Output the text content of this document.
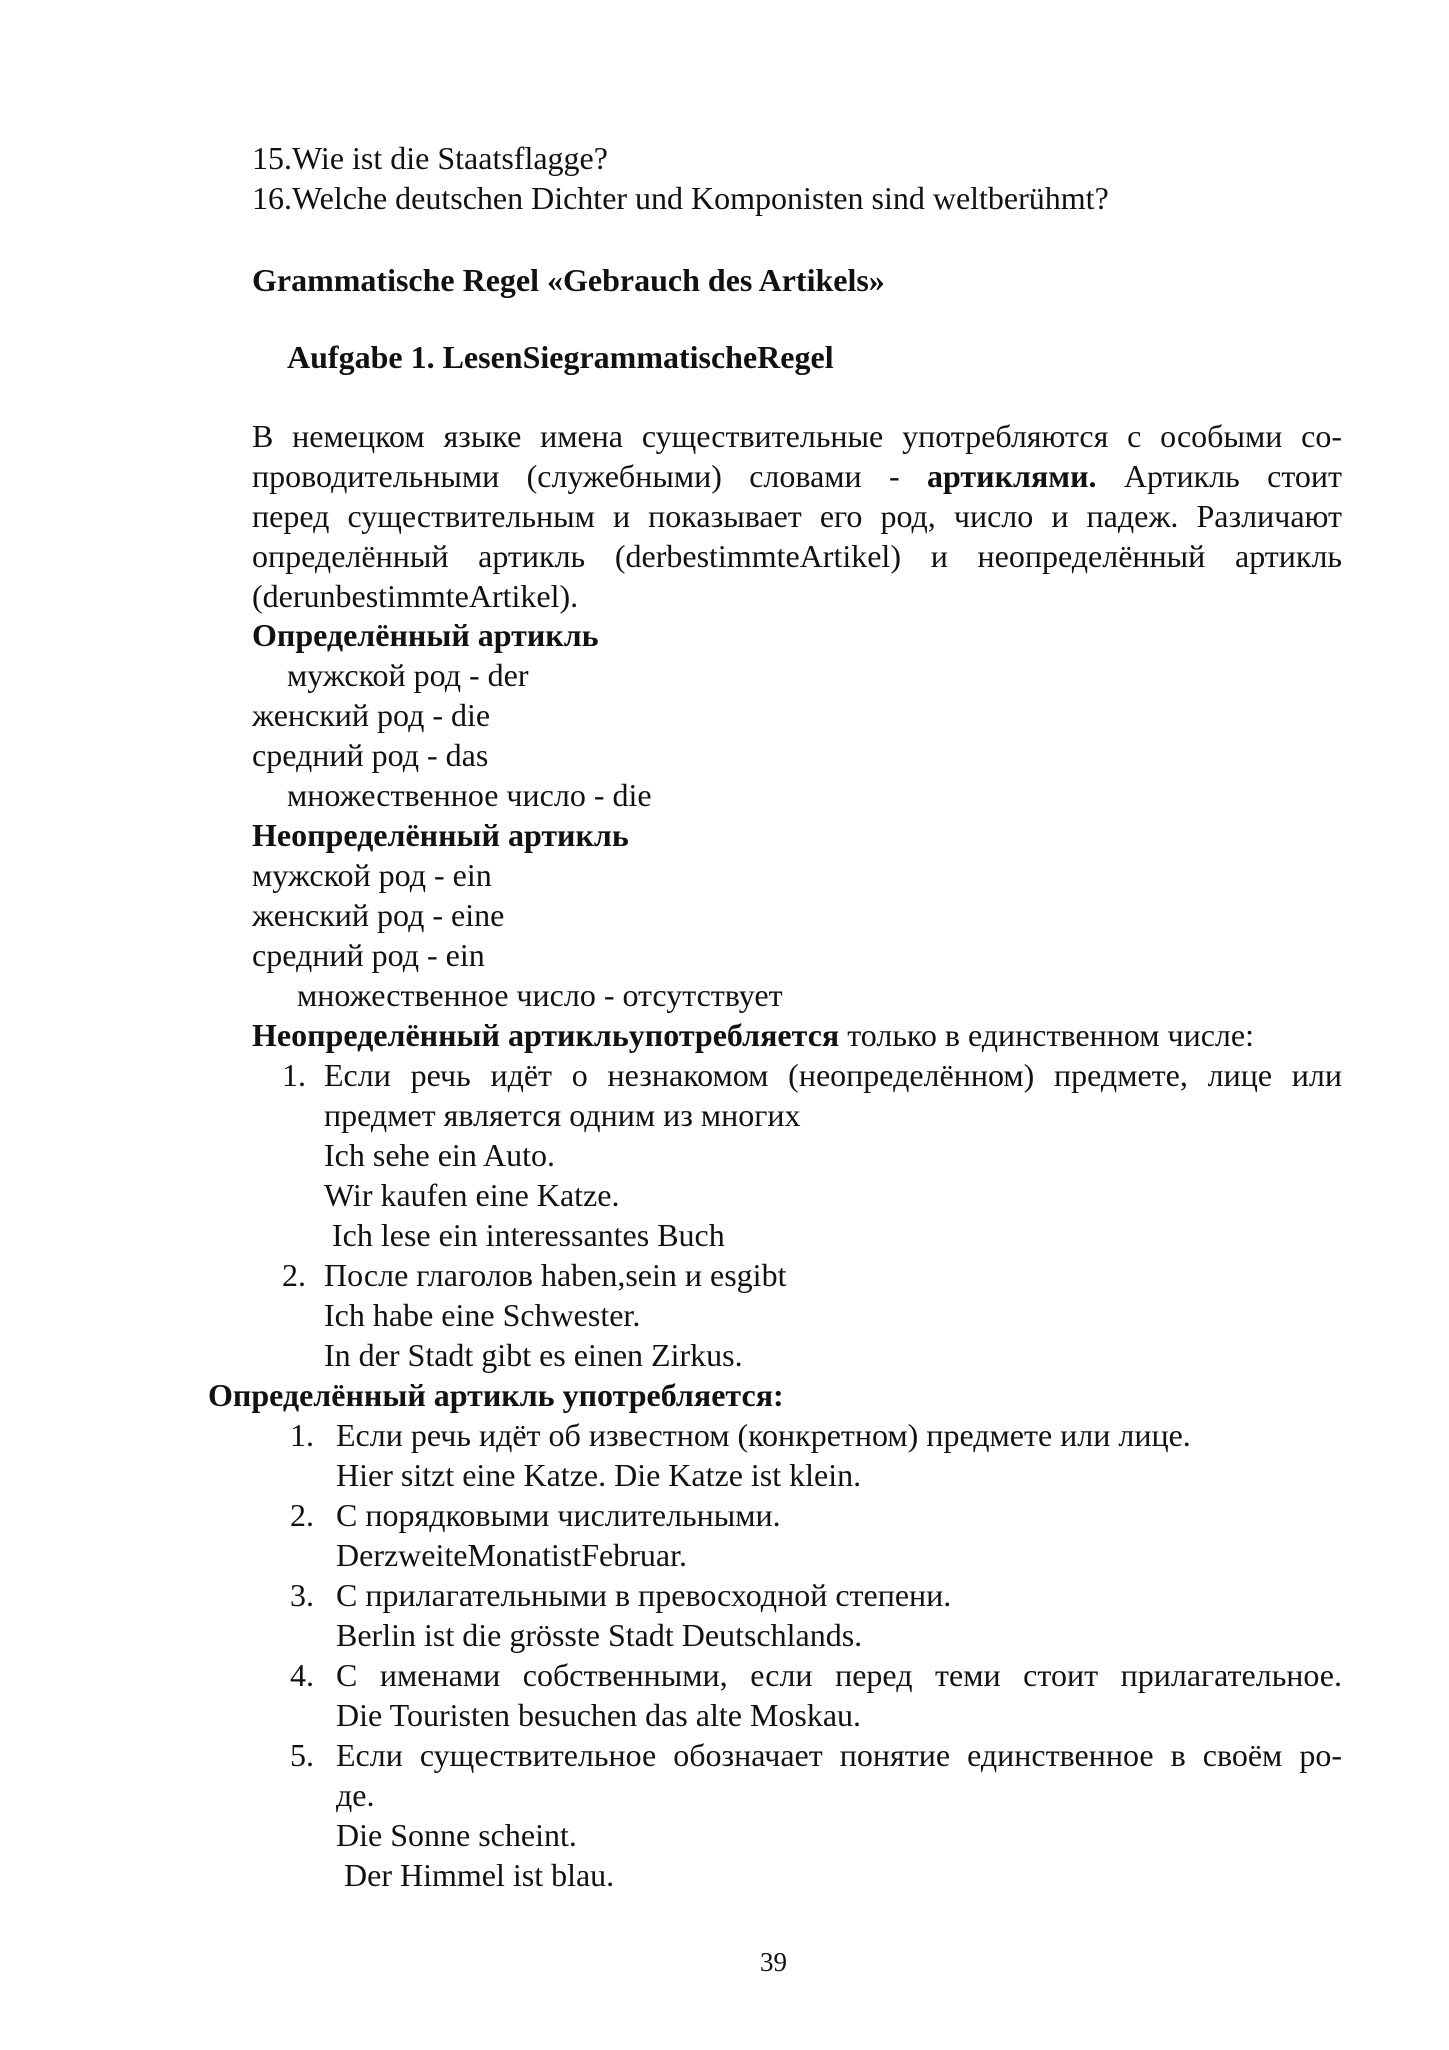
15.Wie ist die Staatsflagge?
16.Welche deutschen Dichter und Komponisten sind weltberühmt?
Grammatische Regel «Gebrauch des Artikels»
Aufgabe 1. LesenSiegrammatischeRegel
В немецком языке имена существительные употребляются с особыми со-
проводительными (служебными) словами - артиклями. Артикль стоит
перед существительным и показывает его род, число и падеж. Различают
определённый артикль (derbestimmteArtikel) и неопределённый артикль
(derunbestimmteArtikel).
Определённый артикль
мужской род - der
женский род - die
средний род - das
множественное число - die
Неопределённый артикль
мужской род - ein
женский род - eine
средний род - ein
множественное число - отсутствует
Неопределённый артикльупотребляется только в единственном числе:
1. Если речь идёт о незнакомом (неопределённом) предмете, лице или
предмет является одним из многих
Ich sehe ein Auto.
Wir kaufen eine Katze.
Ich lese ein interessantes Buch
2. После глаголов haben,sein и esgibt
Ich habe eine Schwester.
In der Stadt gibt es einen Zirkus.
Определённый артикль употребляется:
1. Если речь идёт об известном (конкретном) предмете или лице.
Hier sitzt eine Katze. Die Katze ist klein.
2. С порядковыми числительными.
DerzweiteMonatistFebruar.
3. С прилагательными в превосходной степени.
Berlin ist die grösste Stadt Deutschlands.
4. С именами собственными, если перед теми стоит прилагательное.
Die Touristen besuchen das alte Moskau.
5. Если существительное обозначает понятие единственное в своём ро-
де.
Die Sonne scheint.
Der Himmel ist blau.
39
